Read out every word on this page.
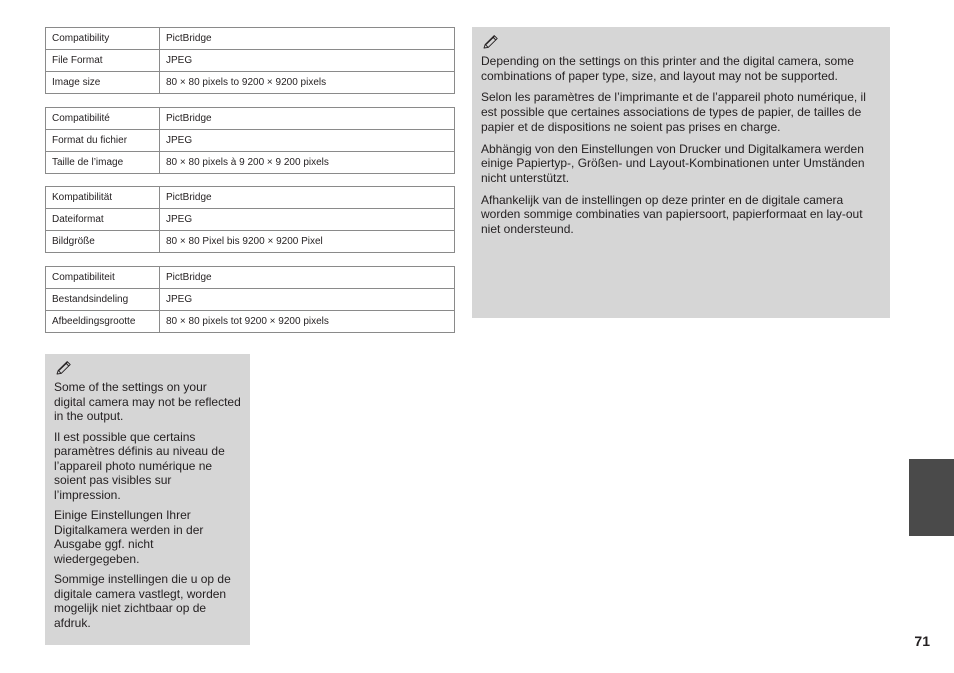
Compatibility	PictBridge
File Format	JPEG
Image size	80 × 80 pixels to 9200 × 9200 pixels
Compatibilité	PictBridge
Format du fichier	JPEG
Taille de l’image	80 × 80 pixels à 9 200 × 9 200 pixels
Kompatibilität	PictBridge
Dateiformat	JPEG
Bildgröße	80 × 80 Pixel bis 9200 × 9200 Pixel
Compatibiliteit	PictBridge
Bestandsindeling	JPEG
Afbeeldingsgrootte	80 × 80 pixels tot 9200 × 9200 pixels

Depending on the settings on this printer and the digital camera, some combinations of paper type, size, and layout may not be supported.

Selon les paramètres de l’imprimante et de l’appareil photo numérique, il est possible que certaines associations de types de papier, de tailles de papier et de dispositions ne soient pas prises en charge.

Abhängig von den Einstellungen von Drucker und Digitalkamera werden einige Papiertyp-, Größen- und Layout-Kombinationen unter Umständen nicht unterstützt.

Afhankelijk van de instellingen op deze printer en de digitale camera worden sommige combinaties van papiersoort, papierformaat en lay-out niet ondersteund.

Some of the settings on your digital camera may not be reflected in the output.

Il est possible que certains paramètres définis au niveau de l’appareil photo numérique ne soient pas visibles sur l’impression.

Einige Einstellungen Ihrer Digitalkamera werden in der Ausgabe ggf. nicht wiedergegeben.

Sommige instellingen die u op de digitale camera vastlegt, worden mogelijk niet zichtbaar op de afdruk.

71
